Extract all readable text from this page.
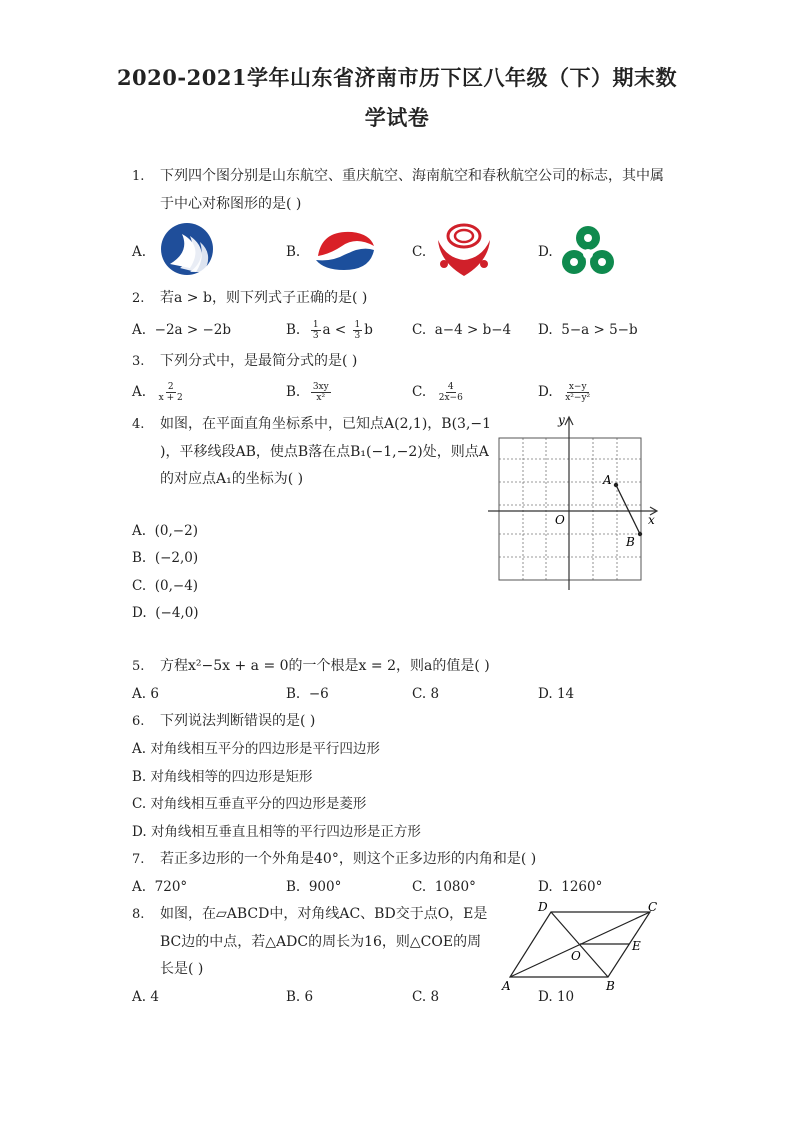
2020-2021学年山东省济南市历下区八年级（下）期末数
学试卷
1. 下列四个图分别是山东航空、重庆航空、海南航空和春秋航空公司的标志，其中属
于中心对称图形的是( )
A.	B.	C.	D.
2. 若a > b，则下列式子正确的是( )
A. −2a > −2b	B. $\frac{1}{3}$ $a < \frac{1}{3}$ b	C. a−4 > b−4 D. 5−a > 5−b
3. 下列分式中，是最简分式的是( )
A. $\frac{2}{x + 2}$	B. $\frac{3xy}{\text{x²}}$	C. $\frac{4}{2x-6}$	D. $\frac{x-y}{\text{x²−y²}}$
4. 如图，在平面直角坐标系中，已知点A(2,1)，B(3,−1
)，平移线段AB，使点B落在点B₁(−1,−2)处，则点A
的对应点A₁的坐标为( )
A. (0,−2)
B. (−2,0)
C. (0,−4)
D. (−4,0)
y
x
O
A
B
5. 方程x²−5x + a = 0的一个根是x = 2，则a的值是( )
A. 6	B. −6	C. 8	D. 14
6. 下列说法判断错误的是( )
A. 对角线相互平分的四边形是平行四边形
B. 对角线相等的四边形是矩形
C. 对角线相互垂直平分的四边形是菱形
D. 对角线相互垂直且相等的平行四边形是正方形
7. 若正多边形的一个外角是40°，则这个正多边形的内角和是( )
A. 720°	B. 900°	C. 1080°	D. 1260°
8. 如图，在▱ABCD中，对角线AC、BD交于点O，E是
BC边的中点，若△ADC的周长为16，则△COE的周
长是( )
A. 4	B. 6	C. 8	D. 10
D	C
E
O
A	B
